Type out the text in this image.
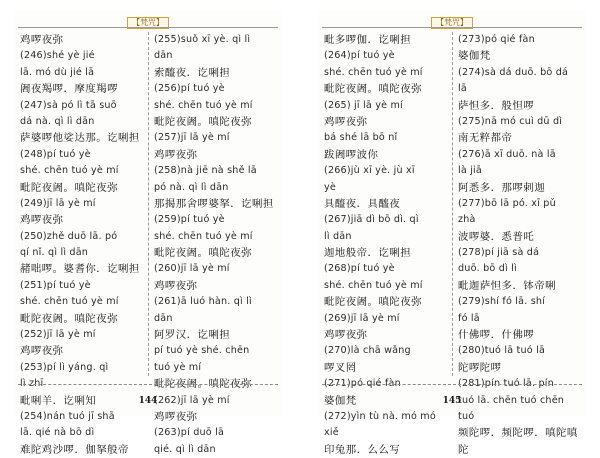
【梵咒】
鸡啰夜弥
(246)shé yè jié
lā. mó dù jié lā
阇夜羯啰．摩度羯啰
(247)sà pó lì tā suō
dá nà. qì lì dān
萨婆啰他娑达那。讫唎担
(248)pí tuó yè
shé. chēn tuó yè mí
毗陀夜阇。嗔陀夜弥
(249)jī lā yè mí
鸡啰夜弥
(250)zhě duō lā. pó
qí nǐ. qì lì dān
赭咄啰。婆耆你．讫唎担
(251)pí tuó yè
shé. chēn tuó yè mí
毗陀夜阇。嗔陀夜弥
(252)jī lā yè mí
鸡啰夜弥
(253)pí lì yáng. qì
lì zhī
毗唎羊．讫唎知
(254)nán tuó jī shā
lā. qié nà bō dì
难陀鸡沙啰．伽拏般帝
(255)suǒ xī yè. qì lì
dān
索醯夜．讫唎担
(256)pí tuó yè
shé. chēn tuó yè mí
毗陀夜阇。嗔陀夜弥
(257)jī lā yè mí
鸡啰夜弥
(258)nà jiē nà shě lā
pó nà. qì lì dān
那揭那舍啰婆拏．讫唎担
(259)pí tuó yè
shé. chēn tuó yè mí
毗陀夜阇。嗔陀夜弥
(260)jī lā yè mí
鸡啰夜弥
(261)ā luó hàn. qì lì
dān
阿罗汉．讫唎担
pí tuó yè shé. chēn
tuó yè mí
毗陀夜阇。嗔陀夜弥
(262)jī lā yè mí
鸡啰夜弥
(263)pí duō lā
qié. qì lì dān
144
【梵咒】
毗多啰伽．讫唎担
(264)pí tuó yè
shé. chēn tuó yè mí
毗陀夜阇。嗔陀夜弥
(265) jī lā yè mí
鸡啰夜弥
bá shé lā bō nǐ
跋阇啰波你
(266)jù xī yè. jù xī
yè
具醯夜．具醯夜
(267)jiā dì bō dì. qì
lì dān
迦地般帝．讫唎担
(268)pí tuó yè
shé. chēn tuó yè mí
毗陀夜阇。嗔陀夜弥
(269)jī lā yè mí
鸡啰夜弥
(270)là chā wǎng
啰叉罔
(271)pó qié fàn
婆伽梵
(272)yìn tù nà. mó mó
xiě
印兔那．么么写
(273)pó qié fàn
婆伽梵
(274)sà dá duō. bō dá
lā
萨怛多．般怛啰
(275)nā mó cuì dū dì
南无粹都帝
(276)ā xī duō. nà lā
là jiā
阿悉多．那啰剌迦
(277)bō lā pó. xī pǔ
zhà
波啰婆．悉普吒
(278)pí jiā sà dá
duō. bō dì lì
毗迦萨怛多．钵帝唎
(279)shí fó lā. shí
fó lā
什佛啰．什佛啰
(280)tuó lā tuó lā
陀啰陀啰
(281)pín tuó lā. pín
tuó lā. chēn tuó chēn
tuó
频陀啰．频陀啰．嗔陀嗔
陀
145
